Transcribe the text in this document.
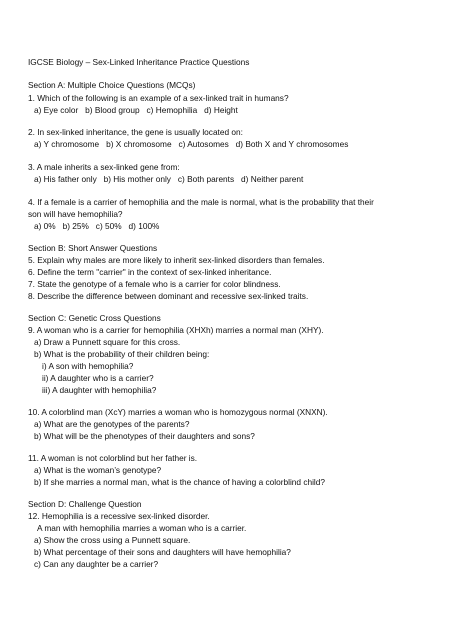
IGCSE Biology – Sex-Linked Inheritance Practice Questions
Section A: Multiple Choice Questions (MCQs)
1. Which of the following is an example of a sex-linked trait in humans?
a) Eye color   b) Blood group   c) Hemophilia   d) Height
2. In sex-linked inheritance, the gene is usually located on:
a) Y chromosome   b) X chromosome   c) Autosomes   d) Both X and Y chromosomes
3. A male inherits a sex-linked gene from:
a) His father only   b) His mother only   c) Both parents   d) Neither parent
4. If a female is a carrier of hemophilia and the male is normal, what is the probability that their
son will have hemophilia?
a) 0%   b) 25%   c) 50%   d) 100%
Section B: Short Answer Questions
5. Explain why males are more likely to inherit sex-linked disorders than females.
6. Define the term "carrier" in the context of sex-linked inheritance.
7. State the genotype of a female who is a carrier for color blindness.
8. Describe the difference between dominant and recessive sex-linked traits.
Section C: Genetic Cross Questions
9. A woman who is a carrier for hemophilia (XHXh) marries a normal man (XHY).
a) Draw a Punnett square for this cross.
b) What is the probability of their children being:
i) A son with hemophilia?
ii) A daughter who is a carrier?
iii) A daughter with hemophilia?
10. A colorblind man (XcY) marries a woman who is homozygous normal (XNXN).
a) What are the genotypes of the parents?
b) What will be the phenotypes of their daughters and sons?
11. A woman is not colorblind but her father is.
a) What is the woman’s genotype?
b) If she marries a normal man, what is the chance of having a colorblind child?
Section D: Challenge Question
12. Hemophilia is a recessive sex-linked disorder.
A man with hemophilia marries a woman who is a carrier.
a) Show the cross using a Punnett square.
b) What percentage of their sons and daughters will have hemophilia?
c) Can any daughter be a carrier?
